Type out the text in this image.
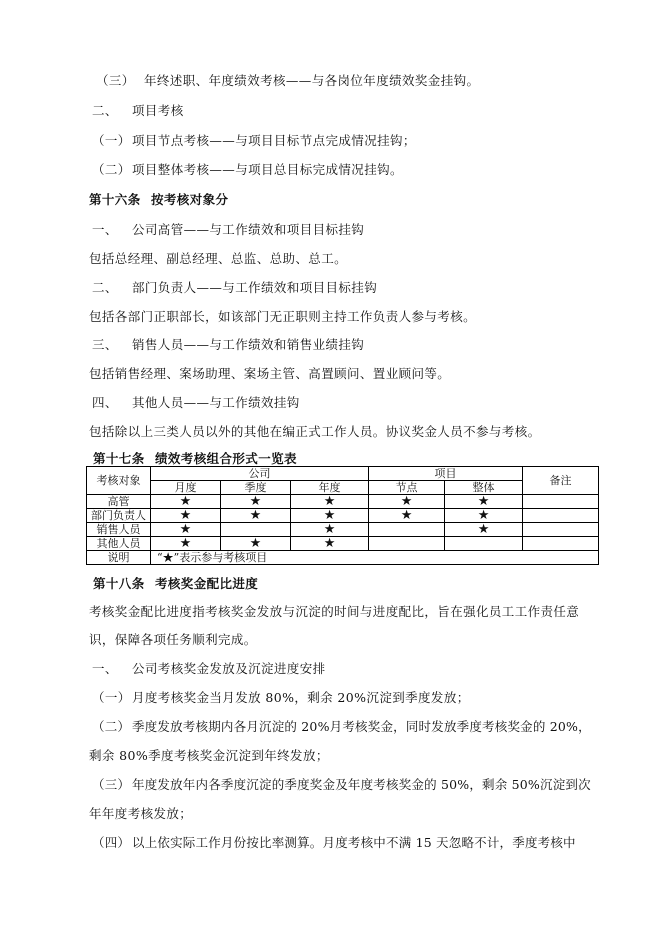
（三） 年终述职、年度绩效考核——与各岗位年度绩效奖金挂钩。
二、 项目考核
（一）项目节点考核——与项目目标节点完成情况挂钩；
（二）项目整体考核——与项目总目标完成情况挂钩。
第十六条 按考核对象分
一、 公司高管——与工作绩效和项目目标挂钩
包括总经理、副总经理、总监、总助、总工。
二、 部门负责人——与工作绩效和项目目标挂钩
包括各部门正职部长，如该部门无正职则主持工作负责人参与考核。
三、 销售人员——与工作绩效和销售业绩挂钩
包括销售经理、案场助理、案场主管、高置顾问、置业顾问等。
四、 其他人员——与工作绩效挂钩
包括除以上三类人员以外的其他在编正式工作人员。协议奖金人员不参与考核。
第十七条 绩效考核组合形式一览表
考核对象	公司			项目		备注
	月度	季度	年度	节点	整体	
高管	★	★	★	★	★	
部门负责人	★	★	★	★	★	
销售人员	★		★		★	
其他人员	★	★	★			
说明	“★”表示参与考核项目					
第十八条 考核奖金配比进度
考核奖金配比进度指考核奖金发放与沉淀的时间与进度配比，旨在强化员工工作责任意
识，保障各项任务顺利完成。
一、 公司考核奖金发放及沉淀进度安排
（一）月度考核奖金当月发放 80%，剩余 20%沉淀到季度发放；
（二） 季度发放考核期内各月沉淀的 20%月考核奖金，同时发放季度考核奖金的 20%，
剩余 80%季度考核奖金沉淀到年终发放；
（三） 年度发放年内各季度沉淀的季度奖金及年度考核奖金的 50%，剩余 50%沉淀到次
年年度考核发放；
（四） 以上依实际工作月份按比率测算。月度考核中不满 15 天忽略不计，季度考核中
